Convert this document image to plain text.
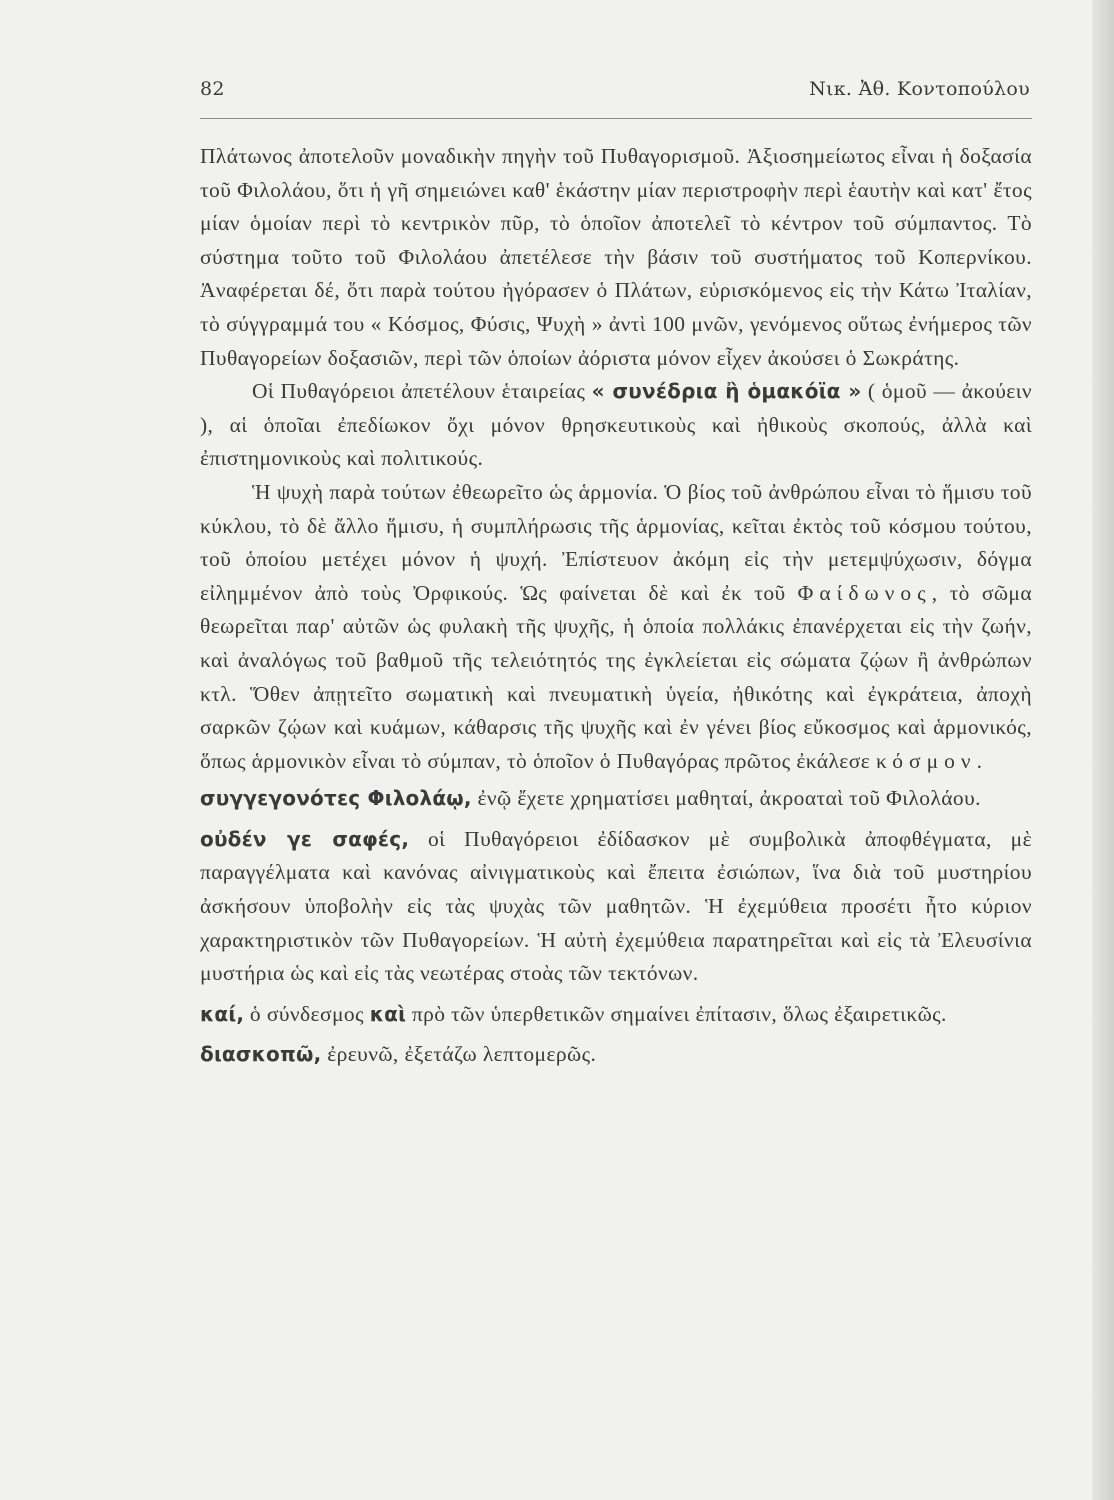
82	Νικ. Ἀθ. Κοντοπούλου

Πλάτωνος ἀποτελοῦν μοναδικὴν πηγὴν τοῦ Πυθαγορισμοῦ. Ἀξιοσημείωτος εἶναι ἡ δοξασία τοῦ Φιλολάου, ὅτι ἡ γῆ σημειώνει καθ' ἑκάστην μίαν περιστροφὴν περὶ ἑαυτὴν καὶ κατ' ἔτος μίαν ὁμοίαν περὶ τὸ κεντρικὸν πῦρ, τὸ ὁποῖον ἀποτελεῖ τὸ κέντρον τοῦ σύμπαντος. Τὸ σύστημα τοῦτο τοῦ Φιλολάου ἀπετέλεσε τὴν βάσιν τοῦ συστήματος τοῦ Κοπερνίκου. Ἀναφέρεται δέ, ὅτι παρὰ τούτου ἠγόρασεν ὁ Πλάτων, εὑρισκόμενος εἰς τὴν Κάτω Ἰταλίαν, τὸ σύγγραμμά του « Κόσμος, Φύσις, Ψυχὴ » ἀντὶ 100 μνῶν, γενόμενος οὕτως ἐνήμερος τῶν Πυθαγορείων δοξασιῶν, περὶ τῶν ὁποίων ἀόριστα μόνον εἶχεν ἀκούσει ὁ Σωκράτης.

Οἱ Πυθαγόρειοι ἀπετέλουν ἑταιρείας « συνέδρια ἢ ὁμακόϊα » ( ὁμοῦ — ἀκούειν ), αἱ ὁποῖαι ἐπεδίωκον ὄχι μόνον θρησκευτικοὺς καὶ ἠθικοὺς σκοπούς, ἀλλὰ καὶ ἐπιστημονικοὺς καὶ πολιτικούς.

Ἡ ψυχὴ παρὰ τούτων ἐθεωρεῖτο ὡς ἁρμονία. Ὁ βίος τοῦ ἀνθρώπου εἶναι τὸ ἥμισυ τοῦ κύκλου, τὸ δὲ ἄλλο ἥμισυ, ἡ συμπλήρωσις τῆς ἁρμονίας, κεῖται ἐκτὸς τοῦ κόσμου τούτου, τοῦ ὁποίου μετέχει μόνον ἡ ψυχή. Ἐπίστευον ἀκόμη εἰς τὴν μετεμψύχωσιν, δόγμα εἰλημμένον ἀπὸ τοὺς Ὀρφικούς. Ὡς φαίνεται δὲ καὶ ἐκ τοῦ Φαίδωνος, τὸ σῶμα θεωρεῖται παρ' αὐτῶν ὡς φυλακὴ τῆς ψυχῆς, ἡ ὁποία πολλάκις ἐπανέρχεται εἰς τὴν ζωήν, καὶ ἀναλόγως τοῦ βαθμοῦ τῆς τελειότητός της ἐγκλείεται εἰς σώματα ζῴων ἢ ἀνθρώπων κτλ. Ὅθεν ἀπῃτεῖτο σωματικὴ καὶ πνευματικὴ ὑγεία, ἠθικότης καὶ ἐγκράτεια, ἀποχὴ σαρκῶν ζῴων καὶ κυάμων, κάθαρσις τῆς ψυχῆς καὶ ἐν γένει βίος εὔκοσμος καὶ ἁρμονικός, ὅπως ἁρμονικὸν εἶναι τὸ σύμπαν, τὸ ὁποῖον ὁ Πυθαγόρας πρῶτος ἐκάλεσε κόσμον.

συγγεγονότες Φιλολάῳ, ἐνῷ ἔχετε χρηματίσει μαθηταί, ἀκροαταὶ τοῦ Φιλολάου.

οὐδέν γε σαφές, οἱ Πυθαγόρειοι ἐδίδασκον μὲ συμβολικὰ ἀποφθέγματα, μὲ παραγγέλματα καὶ κανόνας αἰνιγματικοὺς καὶ ἔπειτα ἐσιώπων, ἵνα διὰ τοῦ μυστηρίου ἀσκήσουν ὑποβολὴν εἰς τὰς ψυχὰς τῶν μαθητῶν. Ἡ ἐχεμύθεια προσέτι ἦτο κύριον χαρακτηριστικὸν τῶν Πυθαγορείων. Ἡ αὐτὴ ἐχεμύθεια παρατηρεῖται καὶ εἰς τὰ Ἐλευσίνια μυστήρια ὡς καὶ εἰς τὰς νεωτέρας στοὰς τῶν τεκτόνων.

καί, ὁ σύνδεσμος καὶ πρὸ τῶν ὑπερθετικῶν σημαίνει ἐπίτασιν, ὅλως ἐξαιρετικῶς.

διασκοπῶ, ἐρευνῶ, ἐξετάζω λεπτομερῶς.
